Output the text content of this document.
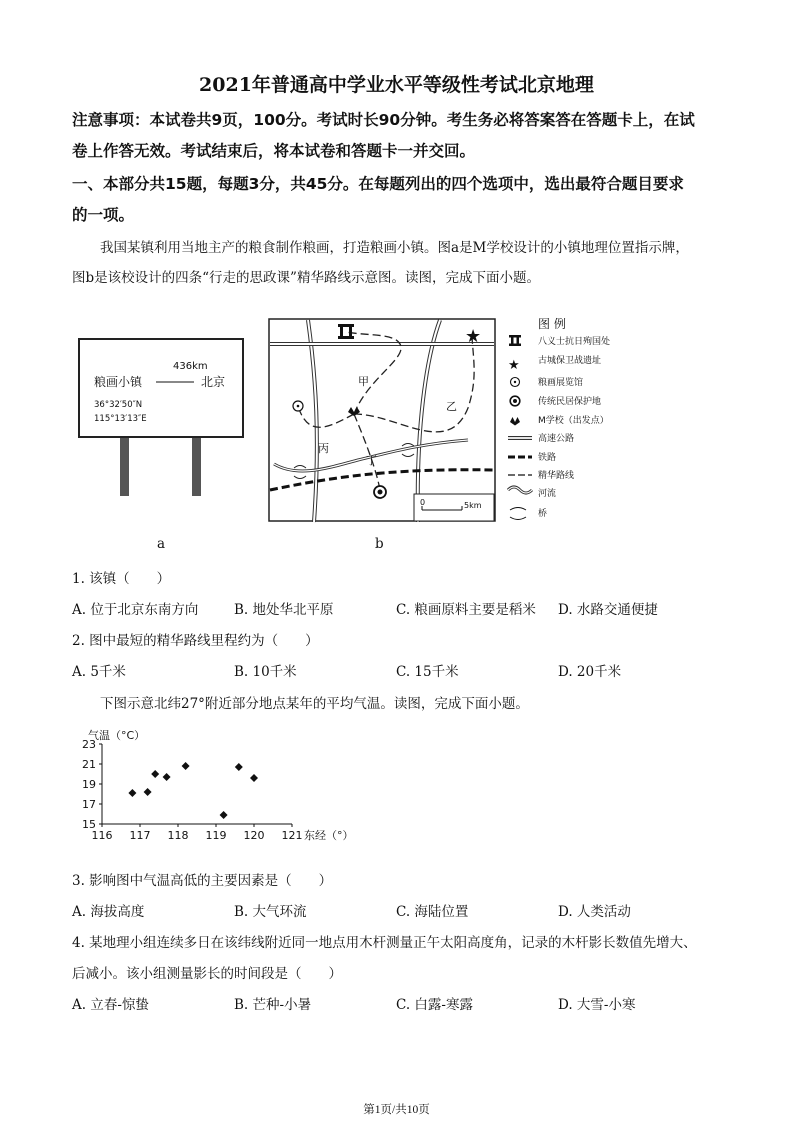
2021年普通高中学业水平等级性考试北京地理
注意事项：本试卷共9页，100分。考试时长90分钟。考生务必将答案答在答题卡上，在试
卷上作答无效。考试结束后，将本试卷和答题卡一并交回。
一、本部分共15题，每题3分，共45分。在每题列出的四个选项中，选出最符合题目要求
的一项。
我国某镇利用当地主产的粮食制作粮画，打造粮画小镇。图a是M学校设计的小镇地理位置指示牌，
图b是该校设计的四条“行走的思政课”精华路线示意图。读图，完成下面小题。
436km
粮画小镇	北京
36°32′50″N
115°13′13″E
a
★
甲
乙
丙
丁
0	5km
b
图 例
★
八义士抗日殉国处
古城保卫战遗址
粮画展览馆
传统民居保护地
M学校（出发点）
高速公路
铁路
精华路线
河流
桥
1. 该镇（　　）
A. 位于北京东南方向	B. 地处华北平原	C. 粮画原料主要是稻米 D. 水路交通便捷
2. 图中最短的精华路线里程约为（　　）
A. 5千米	B. 10千米	C. 15千米	D. 20千米
下图示意北纬27°附近部分地点某年的平均气温。读图，完成下面小题。
气温（°C）
东经（°）
116 117 118 119 120 121
15
17
19
21
23
3. 影响图中气温高低的主要因素是（　　）
A. 海拔高度	B. 大气环流	C. 海陆位置	D. 人类活动
4. 某地理小组连续多日在该纬线附近同一地点用木杆测量正午太阳高度角，记录的木杆影长数值先增大、
后减小。该小组测量影长的时间段是（　　）
A. 立春-惊蛰	B. 芒种-小暑	C. 白露-寒露	D. 大雪-小寒
第1页/共10页
